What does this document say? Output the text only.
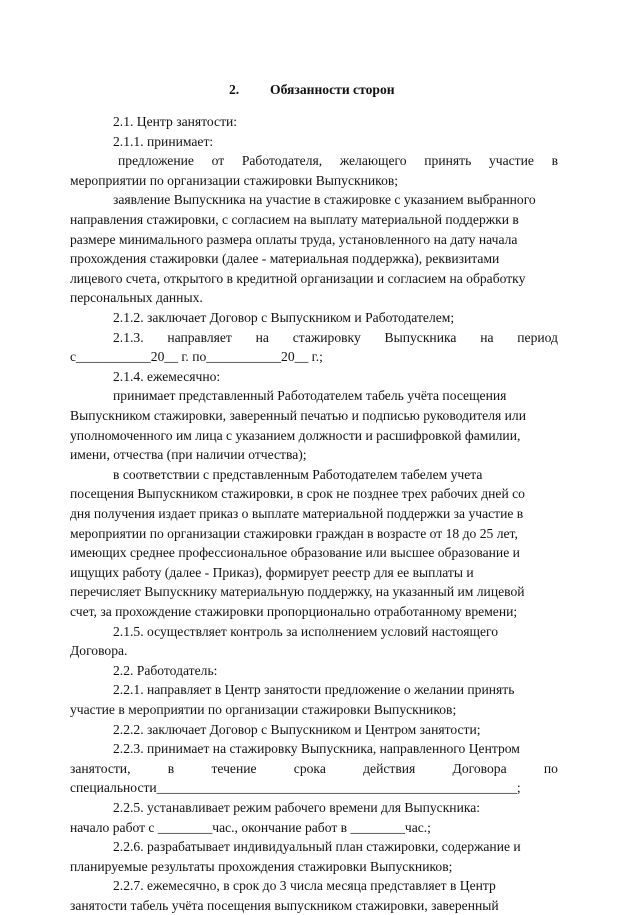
2. Обязанности сторон
2.1. Центр занятости:
2.1.1. принимает:
предложение от Работодателя, желающего принять участие в
мероприятии по организации стажировки Выпускников;
заявление Выпускника на участие в стажировке с указанием выбранного
направления стажировки, с согласием на выплату материальной поддержки в
размере минимального размера оплаты труда, установленного на дату начала
прохождения стажировки (далее - материальная поддержка), реквизитами
лицевого счета, открытого в кредитной организации и согласием на обработку
персональных данных.
2.1.2. заключает Договор с Выпускником и Работодателем;
2.1.3. направляет на стажировку Выпускника на период
с___________20__ г. по___________20__ г.;
2.1.4. ежемесячно:
принимает представленный Работодателем табель учёта посещения
Выпускником стажировки, заверенный печатью и подписью руководителя или
уполномоченного им лица с указанием должности и расшифровкой фамилии,
имени, отчества (при наличии отчества);
в соответствии с представленным Работодателем табелем учета
посещения Выпускником стажировки, в срок не позднее трех рабочих дней со
дня получения издает приказ о выплате материальной поддержки за участие в
мероприятии по организации стажировки граждан в возрасте от 18 до 25 лет,
имеющих среднее профессиональное образование или высшее образование и
ищущих работу (далее - Приказ), формирует реестр для ее выплаты и
перечисляет Выпускнику материальную поддержку, на указанный им лицевой
счет, за прохождение стажировки пропорционально отработанному времени;
2.1.5. осуществляет контроль за исполнением условий настоящего
Договора.
2.2. Работодатель:
2.2.1. направляет в Центр занятости предложение о желании принять
участие в мероприятии по организации стажировки Выпускников;
2.2.2. заключает Договор с Выпускником и Центром занятости;
2.2.3. принимает на стажировку Выпускника, направленного Центром
занятости,	в	течение	срока	действия	Договора	по
специальности_____________________________________________________;
2.2.5. устанавливает режим рабочего времени для Выпускника:
начало работ с ________час., окончание работ в ________час.;
2.2.6. разрабатывает индивидуальный план стажировки, содержание и
планируемые результаты прохождения стажировки Выпускников;
2.2.7. ежемесячно, в срок до 3 числа месяца представляет в Центр
занятости табель учёта посещения выпускником стажировки, заверенный
